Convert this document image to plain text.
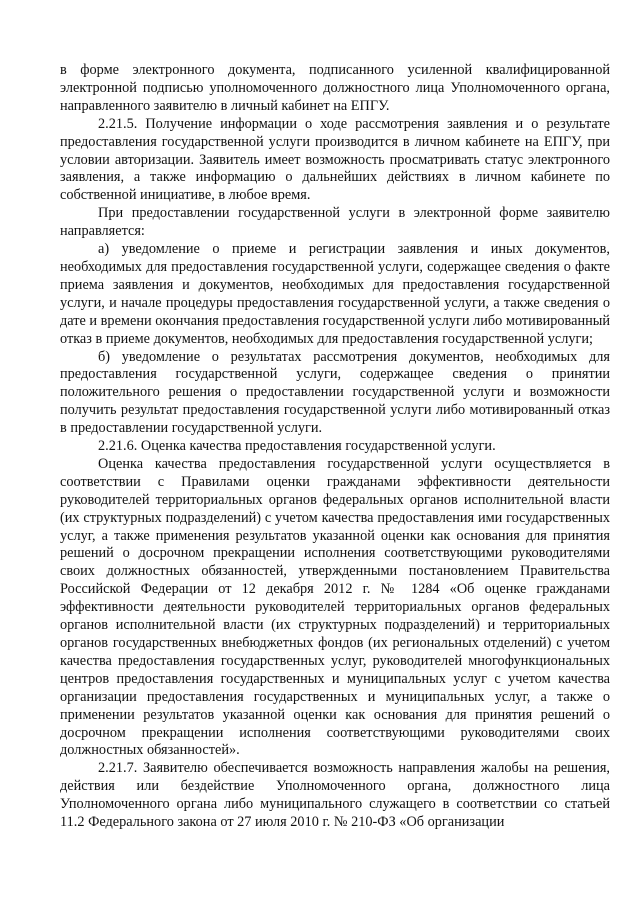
в форме электронного документа, подписанного усиленной квалифицированной электронной подписью уполномоченного должностного лица Уполномоченного органа, направленного заявителю в личный кабинет на ЕПГУ.

2.21.5. Получение информации о ходе рассмотрения заявления и о результате предоставления государственной услуги производится в личном кабинете на ЕПГУ, при условии авторизации. Заявитель имеет возможность просматривать статус электронного заявления, а также информацию о дальнейших действиях в личном кабинете по собственной инициативе, в любое время.

При предоставлении государственной услуги в электронной форме заявителю направляется:

а) уведомление о приеме и регистрации заявления и иных документов, необходимых для предоставления государственной услуги, содержащее сведения о факте приема заявления и документов, необходимых для предоставления государственной услуги, и начале процедуры предоставления государственной услуги, а также сведения о дате и времени окончания предоставления государственной услуги либо мотивированный отказ в приеме документов, необходимых для предоставления государственной услуги;

б) уведомление о результатах рассмотрения документов, необходимых для предоставления государственной услуги, содержащее сведения о принятии положительного решения о предоставлении государственной услуги и возможности получить результат предоставления государственной услуги либо мотивированный отказ в предоставлении государственной услуги.

2.21.6. Оценка качества предоставления государственной услуги.

Оценка качества предоставления государственной услуги осуществляется в соответствии с Правилами оценки гражданами эффективности деятельности руководителей территориальных органов федеральных органов исполнительной власти (их структурных подразделений) с учетом качества предоставления ими государственных услуг, а также применения результатов указанной оценки как основания для принятия решений о досрочном прекращении исполнения соответствующими руководителями своих должностных обязанностей, утвержденными постановлением Правительства Российской Федерации от 12 декабря 2012 г. № 1284 «Об оценке гражданами эффективности деятельности руководителей территориальных органов федеральных органов исполнительной власти (их структурных подразделений) и территориальных органов государственных внебюджетных фондов (их региональных отделений) с учетом качества предоставления государственных услуг, руководителей многофункциональных центров предоставления государственных и муниципальных услуг с учетом качества организации предоставления государственных и муниципальных услуг, а также о применении результатов указанной оценки как основания для принятия решений о досрочном прекращении исполнения соответствующими руководителями своих должностных обязанностей».

2.21.7. Заявителю обеспечивается возможность направления жалобы на решения, действия или бездействие Уполномоченного органа, должностного лица Уполномоченного органа либо муниципального служащего в соответствии со статьей 11.2 Федерального закона от 27 июля 2010 г. № 210-ФЗ «Об организации
